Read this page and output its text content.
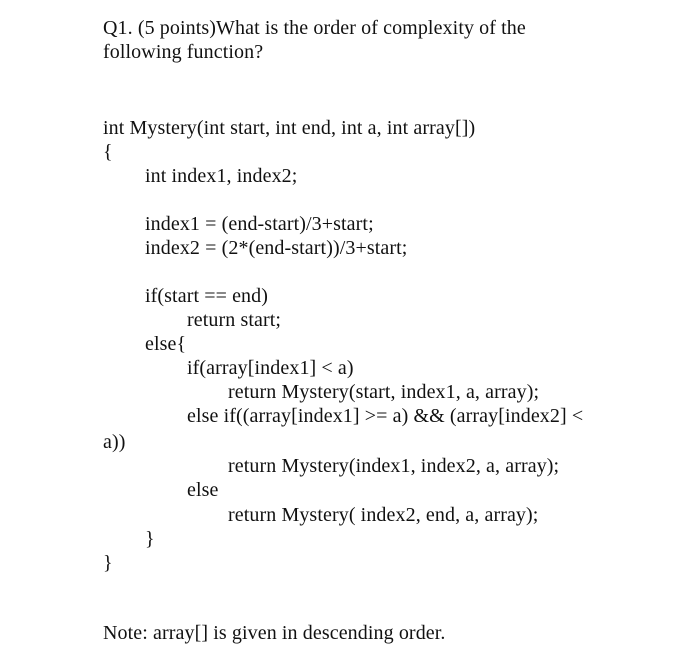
Q1. (5 points)What is the order of complexity of the
following function?
int Mystery(int start, int end, int a, int array[])
{
int index1, index2;
index1 = (end-start)/3+start;
index2 = (2*(end-start))/3+start;
if(start == end)
return start;
else{
if(array[index1] < a)
return Mystery(start, index1, a, array);
else if((array[index1] >= a) && (array[index2] <
a))
return Mystery(index1, index2, a, array);
else
return Mystery( index2, end, a, array);
}
}
Note: array[] is given in descending order.
